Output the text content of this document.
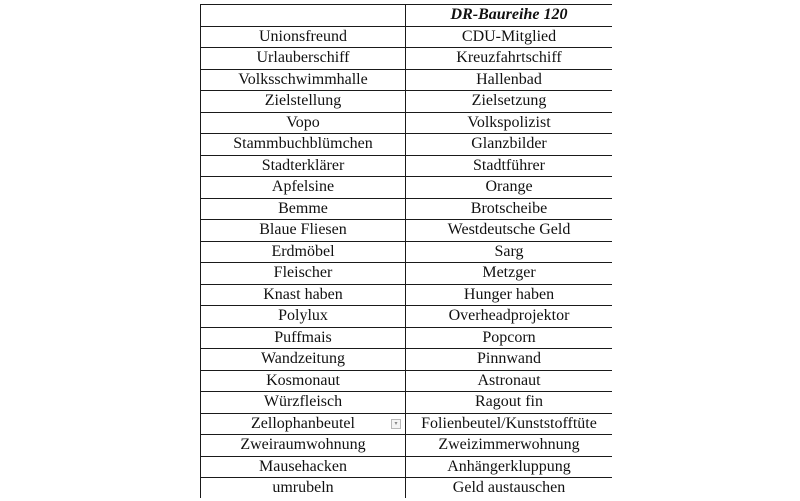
	DR-Baureihe 120
Unionsfreund	CDU-Mitglied
Urlauberschiff	Kreuzfahrtschiff
Volksschwimmhalle	Hallenbad
Zielstellung	Zielsetzung
Vopo	Volkspolizist
Stammbuchblümchen	Glanzbilder
Stadterklärer	Stadtführer
Apfelsine	Orange
Bemme	Brotscheibe
Blaue Fliesen	Westdeutsche Geld
Erdmöbel	Sarg
Fleischer	Metzger
Knast haben	Hunger haben
Polylux	Overheadprojektor
Puffmais	Popcorn
Wandzeitung	Pinnwand
Kosmonaut	Astronaut
Würzfleisch	Ragout fin
Zellophanbeutel ▾	Folienbeutel/Kunststofftüte
Zweiraumwohnung	Zweizimmerwohnung
Mausehacken	Anhängerkluppung
umrubeln	Geld austauschen
